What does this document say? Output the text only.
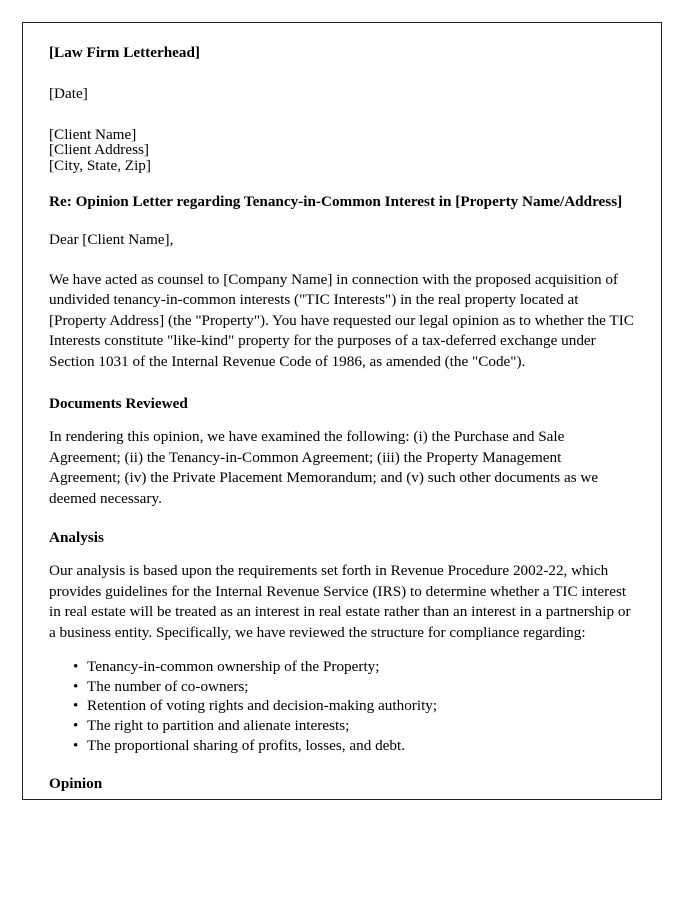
[Law Firm Letterhead]
[Date]
[Client Name]
[Client Address]
[City, State, Zip]
Re: Opinion Letter regarding Tenancy-in-Common Interest in [Property Name/Address]
Dear [Client Name],
We have acted as counsel to [Company Name] in connection with the proposed acquisition of undivided tenancy-in-common interests ("TIC Interests") in the real property located at [Property Address] (the "Property"). You have requested our legal opinion as to whether the TIC Interests constitute "like-kind" property for the purposes of a tax-deferred exchange under Section 1031 of the Internal Revenue Code of 1986, as amended (the "Code").
Documents Reviewed
In rendering this opinion, we have examined the following: (i) the Purchase and Sale Agreement; (ii) the Tenancy-in-Common Agreement; (iii) the Property Management Agreement; (iv) the Private Placement Memorandum; and (v) such other documents as we deemed necessary.
Analysis
Our analysis is based upon the requirements set forth in Revenue Procedure 2002-22, which provides guidelines for the Internal Revenue Service (IRS) to determine whether a TIC interest in real estate will be treated as an interest in real estate rather than an interest in a partnership or a business entity. Specifically, we have reviewed the structure for compliance regarding:
• Tenancy-in-common ownership of the Property;
• The number of co-owners;
• Retention of voting rights and decision-making authority;
• The right to partition and alienate interests;
• The proportional sharing of profits, losses, and debt.
Opinion
